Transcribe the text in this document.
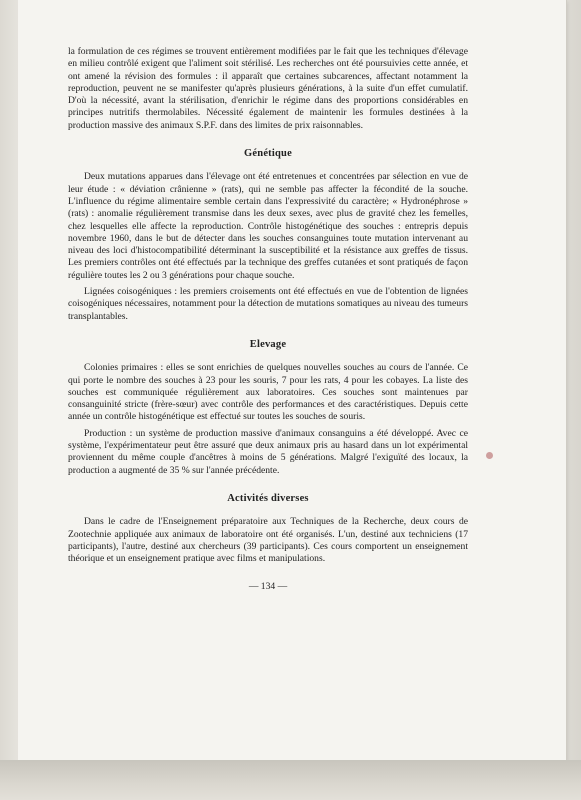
la formulation de ces régimes se trouvent entièrement modifiées par le fait que les techniques d'élevage en milieu contrôlé exigent que l'aliment soit stérilisé. Les recherches ont été poursuivies cette année, et ont amené la révision des formules : il apparaît que certaines subcarences, affectant notamment la reproduction, peuvent ne se manifester qu'après plusieurs générations, à la suite d'un effet cumulatif. D'où la nécessité, avant la stérilisation, d'enrichir le régime dans des proportions considérables en principes nutritifs thermolabiles. Nécessité également de maintenir les formules destinées à la production massive des animaux S.P.F. dans des limites de prix raisonnables.

Génétique

Deux mutations apparues dans l'élevage ont été entretenues et concentrées par sélection en vue de leur étude : « déviation crânienne » (rats), qui ne semble pas affecter la fécondité de la souche. L'influence du régime alimentaire semble certain dans l'expressivité du caractère; « Hydronéphrose » (rats) : anomalie régulièrement transmise dans les deux sexes, avec plus de gravité chez les femelles, chez lesquelles elle affecte la reproduction. Contrôle histogénétique des souches : entrepris depuis novembre 1960, dans le but de détecter dans les souches consanguines toute mutation intervenant au niveau des loci d'histocompatibilité déterminant la susceptibilité et la résistance aux greffes de tissus. Les premiers contrôles ont été effectués par la technique des greffes cutanées et sont pratiqués de façon régulière toutes les 2 ou 3 générations pour chaque souche.

Lignées coisogéniques : les premiers croisements ont été effectués en vue de l'obtention de lignées coisogéniques nécessaires, notamment pour la détection de mutations somatiques au niveau des tumeurs transplantables.

Elevage

Colonies primaires : elles se sont enrichies de quelques nouvelles souches au cours de l'année. Ce qui porte le nombre des souches à 23 pour les souris, 7 pour les rats, 4 pour les cobayes. La liste des souches est communiquée régulièrement aux laboratoires. Ces souches sont maintenues par consanguinité stricte (frère-sœur) avec contrôle des performances et des caractéristiques. Depuis cette année un contrôle histogénétique est effectué sur toutes les souches de souris.

Production : un système de production massive d'animaux consanguins a été développé. Avec ce système, l'expérimentateur peut être assuré que deux animaux pris au hasard dans un lot expérimental proviennent du même couple d'ancêtres à moins de 5 générations. Malgré l'exiguïté des locaux, la production a augmenté de 35 % sur l'année précédente.

Activités diverses

Dans le cadre de l'Enseignement préparatoire aux Techniques de la Recherche, deux cours de Zootechnie appliquée aux animaux de laboratoire ont été organisés. L'un, destiné aux techniciens (17 participants), l'autre, destiné aux chercheurs (39 participants). Ces cours comportent un enseignement théorique et un enseignement pratique avec films et manipulations.

— 134 —
